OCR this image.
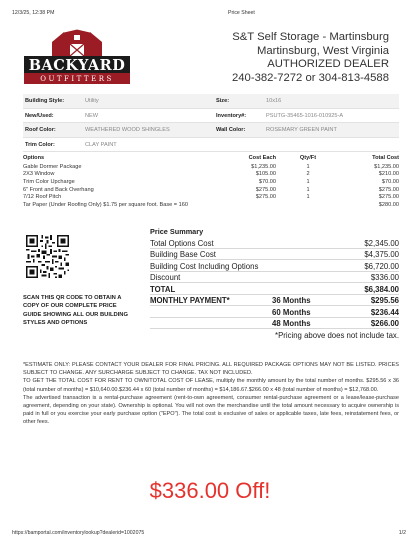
12/3/25, 12:38 PM	Price Sheet
BACKYARD
OUTFITTERS
S&T Self Storage - Martinsburg
Martinsburg, West Virginia
AUTHORIZED DEALER
240-382-7272 or 304-813-4588
Building Style:	Utility	Size:	10x16
New/Used:	NEW	Inventory#:	PSUTG-35465-1016-010925-A
Roof Color:	WEATHERED WOOD SHINGLES	Wall Color:	ROSEMARY GREEN PAINT
Trim Color:	CLAY PAINT
Options	Cost Each	Qty/Ft	Total Cost
Gable Dormer Package	$1,235.00	1	$1,235.00
2X3 Window	$105.00	2	$210.00
Trim Color Upcharge	$70.00	1	$70.00
6" Front and Back Overhang	$275.00	1	$275.00
7/12 Roof Pitch	$275.00	1	$275.00
Tar Paper (Under Roofing Only) $1.75 per square foot. Base = 160	$280.00
SCAN THIS QR CODE TO OBTAIN A COPY OF OUR COMPLETE PRICE GUIDE SHOWING ALL OUR BUILDING STYLES AND OPTIONS
Price Summary
Total Options Cost	$2,345.00
Building Base Cost	$4,375.00
Building Cost Including Options	$6,720.00
Discount	$336.00
TOTAL	$6,384.00
MONTHLY PAYMENT*	36 Months	$295.56
60 Months	$236.44
48 Months	$266.00
*Pricing above does not include tax.

*ESTIMATE ONLY: PLEASE CONTACT YOUR DEALER FOR FINAL PRICING. ALL REQUIRED PACKAGE OPTIONS MAY NOT BE LISTED. PRICES SUBJECT TO CHANGE. ANY SURCHARGE SUBJECT TO CHANGE. TAX NOT INCLUDED.

TO GET THE TOTAL COST FOR RENT TO OWN/TOTAL COST OF LEASE, multiply the monthly amount by the total number of months. $295.56 x 36 (total number of months) = $10,640.00.$236.44 x 60 (total number of months) = $14,186.67.$266.00 x 48 (total number of months) = $12,768.00.

The advertised transaction is a rental-purchase agreement (rent-to-own agreement, consumer rental-purchase agreement or a lease/lease-purchase agreement, depending on your state). Ownership is optional. You will not own the merchandise until the total amount necessary to acquire ownership is paid in full or you exercise your early purchase option ("EPO"). The total cost is exclusive of sales or applicable taxes, late fees, reinstatement fees, or other fees.

$336.00 Off!
https://bamportal.com/inventorylookup?dealerid=1002075	1/2
